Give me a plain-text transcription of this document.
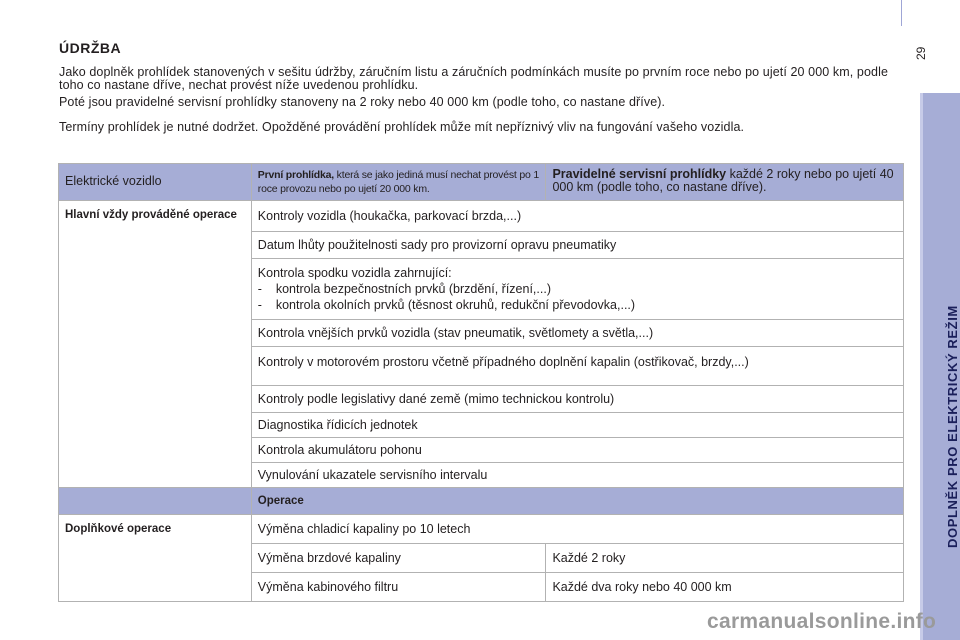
ÚDRŽBA	29
Jako doplněk prohlídek stanovených v sešitu údržby, záručním listu a záručních podmínkách musíte po prvním roce nebo po ujetí 20 000 km, podle toho co nastane dříve, nechat provést níže uvedenou prohlídku.
Poté jsou pravidelné servisní prohlídky stanoveny na 2 roky nebo 40 000 km (podle toho, co nastane dříve).
Termíny prohlídek je nutné dodržet. Opožděné provádění prohlídek může mít nepříznivý vliv na fungování vašeho vozidla.
Elektrické vozidlo	První prohlídka, která se jako jediná musí nechat provést po 1 roce provozu nebo po ujetí 20 000 km.	Pravidelné servisní prohlídky každé 2 roky nebo po ujetí 40 000 km (podle toho, co nastane dříve).
Hlavní vždy prováděné operace	Kontroly vozidla (houkačka, parkovací brzda,...)	
	Datum lhůty použitelnosti sady pro provizorní opravu pneumatiky	
	Kontrola spodku vozidla zahrnující:
-    kontrola bezpečnostních prvků (brzdění, řízení,...)
-    kontrola okolních prvků (těsnost okruhů, redukční převodovka,...)	

	Kontrola vnějších prvků vozidla (stav pneumatik, světlomety a světla,...)	
	Kontroly v motorovém prostoru včetně případného doplnění kapalin (ostřikovač, brzdy,...)	
	Kontroly podle legislativy dané země (mimo technickou kontrolu)	
	Diagnostika řídicích jednotek	
	Kontrola akumulátoru pohonu	
	Vynulování ukazatele servisního intervalu	
	Operace	
Doplňkové operace	Výměna chladicí kapaliny po 10 letech	
	Výměna brzdové kapaliny	Každé 2 roky
	Výměna kabinového filtru	Každé dva roky nebo 40 000 km
DOPLNĚK PRO ELEKTRICKÝ REŽIM
carmanualsonline.info
